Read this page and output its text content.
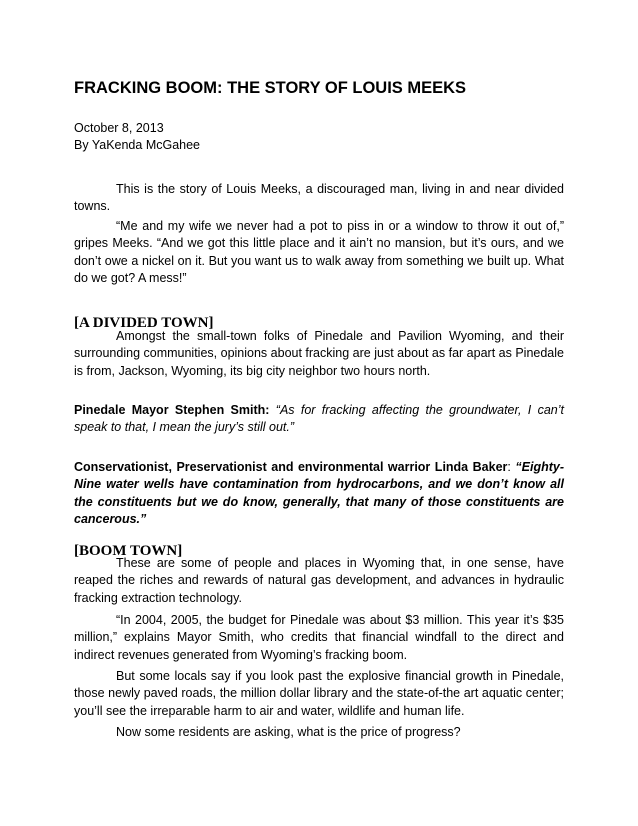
FRACKING BOOM: THE STORY OF LOUIS MEEKS
October 8, 2013
By YaKenda McGahee

This is the story of Louis Meeks, a discouraged man, living in and near divided towns.

“Me and my wife we never had a pot to piss in or a window to throw it out of,” gripes Meeks. “And we got this little place and it ain’t no mansion, but it’s ours, and we don’t owe a nickel on it. But you want us to walk away from something we built up. What do we got? A mess!”

[A DIVIDED TOWN]

Amongst the small-town folks of Pinedale and Pavilion Wyoming, and their surrounding communities, opinions about fracking are just about as far apart as Pinedale is from, Jackson, Wyoming, its big city neighbor two hours north.

Pinedale Mayor Stephen Smith: “As for fracking affecting the groundwater, I can’t speak to that, I mean the jury’s still out.”

Conservationist, Preservationist and environmental warrior Linda Baker: “Eighty-Nine water wells have contamination from hydrocarbons, and we don’t know all the constituents but we do know, generally, that many of those constituents are cancerous.”

[BOOM TOWN]

These are some of people and places in Wyoming that, in one sense, have reaped the riches and rewards of natural gas development, and advances in hydraulic fracking extraction technology.

“In 2004, 2005, the budget for Pinedale was about $3 million. This year it’s $35 million,” explains Mayor Smith, who credits that financial windfall to the direct and indirect revenues generated from Wyoming’s fracking boom.

But some locals say if you look past the explosive financial growth in Pinedale, those newly paved roads, the million dollar library and the state-of-the art aquatic center; you’ll see the irreparable harm to air and water, wildlife and human life.

Now some residents are asking, what is the price of progress?
